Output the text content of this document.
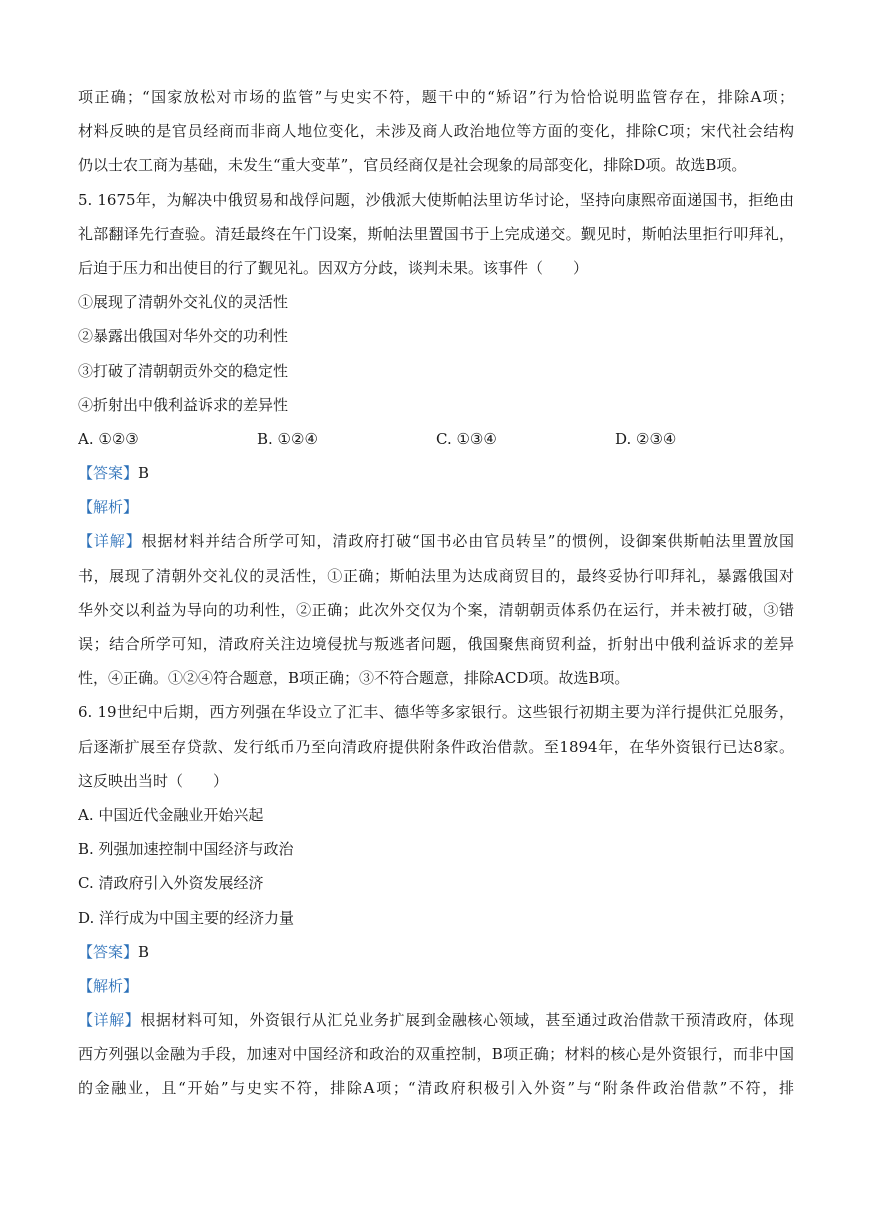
项正确；“国家放松对市场的监管”与史实不符，题干中的“矫诏”行为恰恰说明监管存在，排除A项；
材料反映的是官员经商而非商人地位变化，未涉及商人政治地位等方面的变化，排除C项；宋代社会结构
仍以士农工商为基础，未发生“重大变革”，官员经商仅是社会现象的局部变化，排除D项。故选B项。
5. 1675年，为解决中俄贸易和战俘问题，沙俄派大使斯帕法里访华讨论，坚持向康熙帝面递国书，拒绝由
礼部翻译先行查验。清廷最终在午门设案，斯帕法里置国书于上完成递交。觐见时，斯帕法里拒行叩拜礼，
后迫于压力和出使目的行了觐见礼。因双方分歧，谈判未果。该事件（　　）
①展现了清朝外交礼仪的灵活性
②暴露出俄国对华外交的功利性
③打破了清朝朝贡外交的稳定性
④折射出中俄利益诉求的差异性
A. ①②③	B. ①②④	C. ①③④	D. ②③④
【答案】B
【解析】
【详解】根据材料并结合所学可知，清政府打破“国书必由官员转呈”的惯例，设御案供斯帕法里置放国
书，展现了清朝外交礼仪的灵活性，①正确；斯帕法里为达成商贸目的，最终妥协行叩拜礼，暴露俄国对
华外交以利益为导向的功利性，②正确；此次外交仅为个案，清朝朝贡体系仍在运行，并未被打破，③错
误；结合所学可知，清政府关注边境侵扰与叛逃者问题，俄国聚焦商贸利益，折射出中俄利益诉求的差异
性，④正确。①②④符合题意，B项正确；③不符合题意，排除ACD项。故选B项。
6. 19世纪中后期，西方列强在华设立了汇丰、德华等多家银行。这些银行初期主要为洋行提供汇兑服务，
后逐渐扩展至存贷款、发行纸币乃至向清政府提供附条件政治借款。至1894年，在华外资银行已达8家。
这反映出当时（　　）
A. 中国近代金融业开始兴起
B. 列强加速控制中国经济与政治
C. 清政府引入外资发展经济
D. 洋行成为中国主要的经济力量
【答案】B
【解析】
【详解】根据材料可知，外资银行从汇兑业务扩展到金融核心领域，甚至通过政治借款干预清政府，体现
西方列强以金融为手段，加速对中国经济和政治的双重控制，B项正确；材料的核心是外资银行，而非中国
的金融业，且“开始”与史实不符，排除A项；“清政府积极引入外资”与“附条件政治借款”不符，排
